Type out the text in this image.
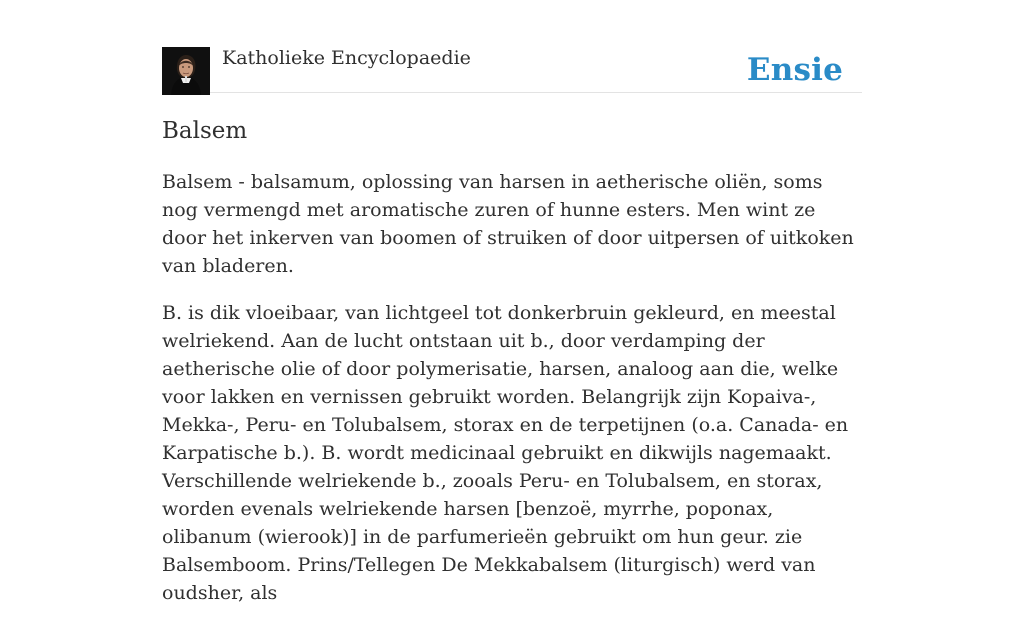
Katholieke Encyclopaedie	Ensie
Balsem

Balsem - balsamum, oplossing van harsen in aetherische oliën, soms nog vermengd met aromatische zuren of hunne esters. Men wint ze door het inkerven van boomen of struiken of door uitpersen of uitkoken van bladeren.

B. is dik vloeibaar, van lichtgeel tot donkerbruin gekleurd, en meestal welriekend. Aan de lucht ontstaan uit b., door verdamping der aetherische olie of door polymerisatie, harsen, analoog aan die, welke voor lakken en vernissen gebruikt worden. Belangrijk zijn Kopaiva-, Mekka-, Peru- en Tolubalsem, storax en de terpetijnen (o.a. Canada- en Karpatische b.). B. wordt medicinaal gebruikt en dikwijls nagemaakt. Verschillende welriekende b., zooals Peru- en Tolubalsem, en storax, worden evenals welriekende harsen [benzoë, myrrhe, poponax, olibanum (wierook)] in de parfumerieën gebruikt om hun geur. zie Balsemboom. Prins/Tellegen De Mekkabalsem (liturgisch) werd van oudsher, als
